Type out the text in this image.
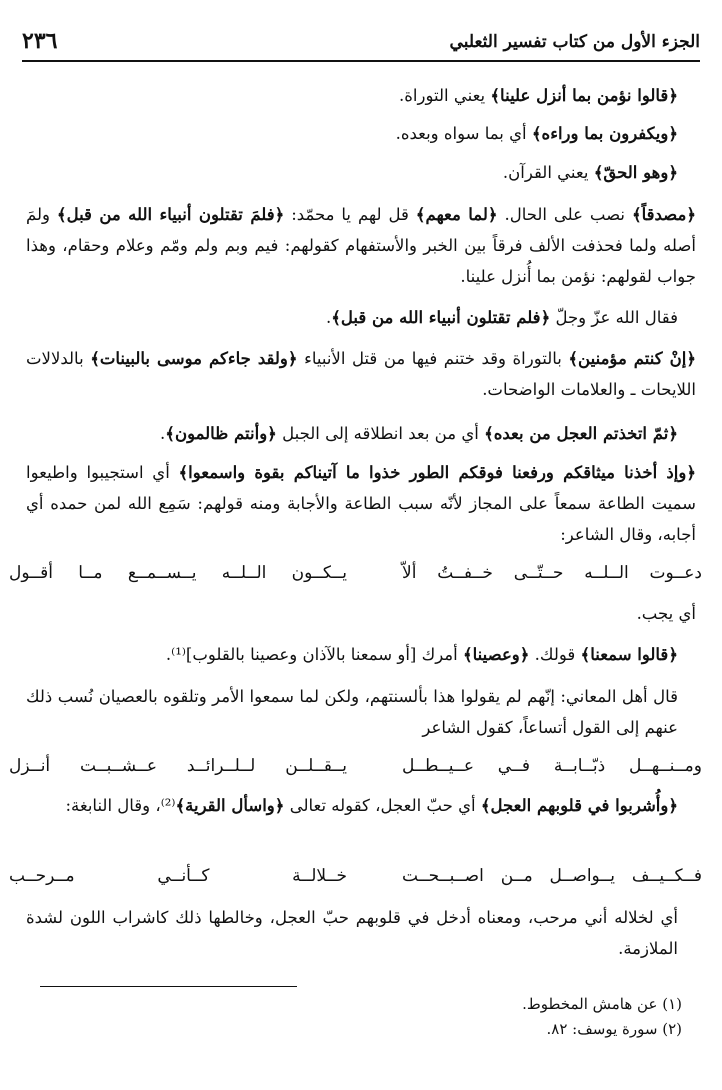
الجزء الأول من كتاب تفسير الثعلبي
٢٣٦
﴿قالوا نؤمن بما أنزل علينا﴾ يعني التوراة.
﴿ويكفرون بما وراءه﴾ أي بما سواه وبعده.
﴿وهو الحقّ﴾ يعني القرآن.
﴿مصدقاً﴾ نصب على الحال. ﴿لما معهم﴾ قل لهم يا محمّد: ﴿فلمَ تقتلون أنبياء الله من قبل﴾ ولمَ أصله ولما فحذفت الألف فرقاً بين الخبر والأستفهام كقولهم: فيم وبم ولم ومّم وعلام وحقام، وهذا جواب لقولهم: نؤمن بما أُنزل علينا.
فقال الله عزّ وجلّ ﴿فلم تقتلون أنبياء الله من قبل﴾.
﴿إنْ كنتم مؤمنين﴾ بالتوراة وقد ختنم فيها من قتل الأنبياء ﴿ولقد جاءكم موسى بالبينات﴾ بالدلالات اللايحات ـ والعلامات الواضحات.
﴿ثمّ اتخذتم العجل من بعده﴾ أي من بعد انطلاقه إلى الجبل ﴿وأنتم ظالمون﴾.
﴿وإذ أخذنا ميثاقكم ورفعنا فوقكم الطور خذوا ما آتيناكم بقوة واسمعوا﴾ أي استجيبوا واطيعوا سميت الطاعة سمعاً على المجاز لأنّه سبب الطاعة والأجابة ومنه قولهم: سَمِع الله لمن حمده أي أجابه، وقال الشاعر:
دعــوت الــلــه حــتّــى خــفــتُ ألاّ
يــكــون الــلــه يــســمــع مــا أقــول
أي يجب.
﴿قالوا سمعنا﴾ قولك. ﴿وعصينا﴾ أمرك [أو سمعنا بالآذان وعصينا بالقلوب]⁽¹⁾.
قال أهل المعاني: إنّهم لم يقولوا هذا بألسنتهم، ولكن لما سمعوا الأمر وتلقوه بالعصيان نُسب ذلك عنهم إلى القول أتساعاً، كقول الشاعر
ومــنــهــل ذبّــابــة فــي عــيــطــل
يــقــلــن لــلــرائــد عــشــبــت أنــزل
﴿وأُشربوا في قلوبهم العجل﴾ أي حبّ العجل، كقوله تعالى ﴿واسأل القرية﴾⁽²⁾، وقال النابغة:
فــكــيــف يــواصــل مــن اصــبــحــت
خــلالــة كــأنــي مــرحــب
أي لخلاله أني مرحب، ومعناه أدخل في قلوبهم حبّ العجل، وخالطها ذلك كاشراب اللون لشدة الملازمة.
(١) عن هامش المخطوط.
(٢) سورة يوسف: ٨٢.
